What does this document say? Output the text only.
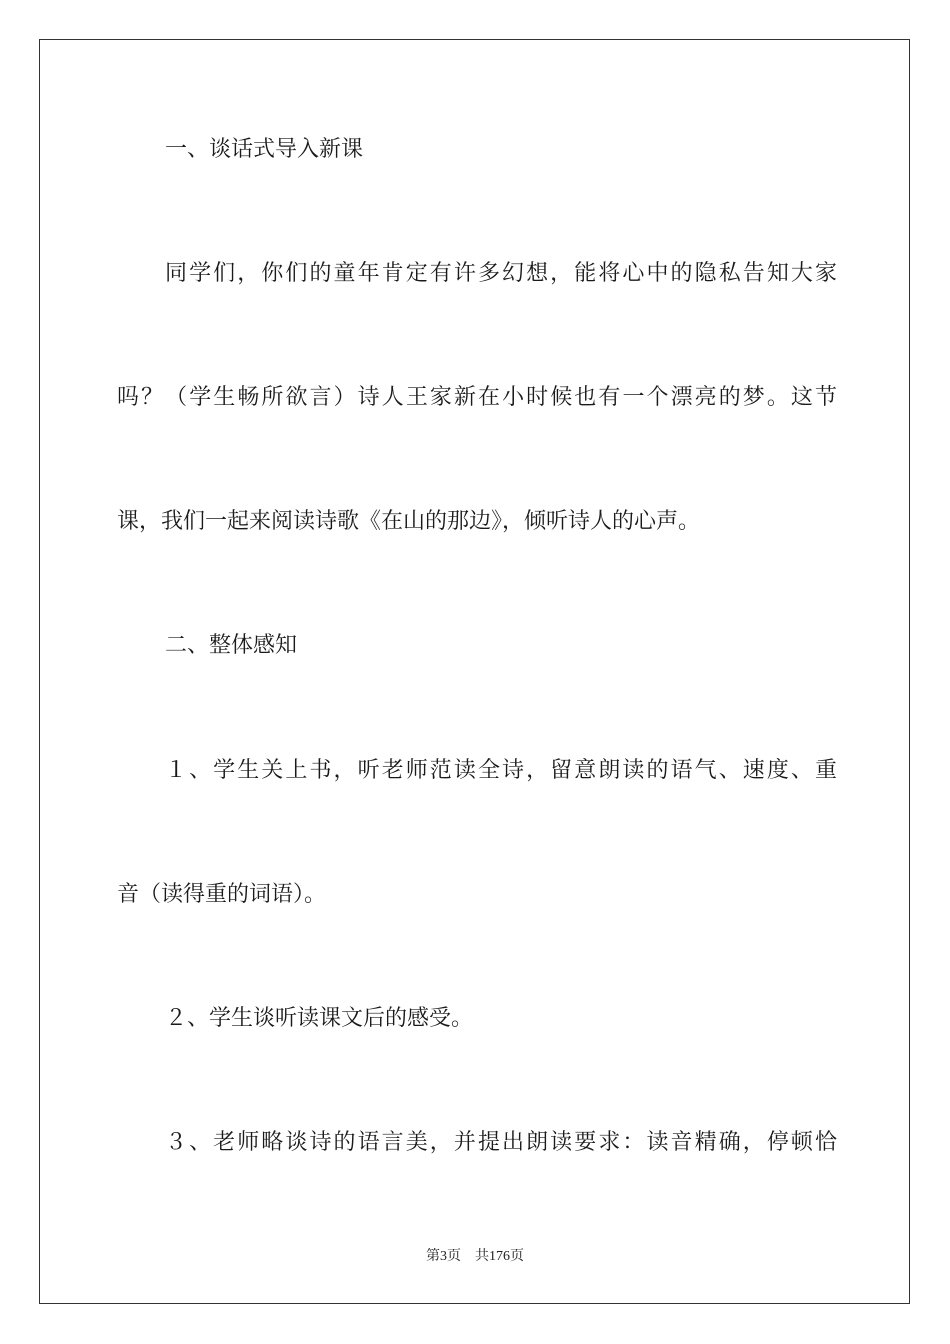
一、谈话式导入新课
同学们，你们的童年肯定有许多幻想，能将心中的隐私告知大家
吗？（学生畅所欲言）诗人王家新在小时候也有一个漂亮的梦。这节
课，我们一起来阅读诗歌《在山的那边》，倾听诗人的心声。
二、整体感知
１、学生关上书，听老师范读全诗，留意朗读的语气、速度、重
音（读得重的词语）。
２、学生谈听读课文后的感受。
３、老师略谈诗的语言美，并提出朗读要求：读音精确，停顿恰
第3页 共176页
